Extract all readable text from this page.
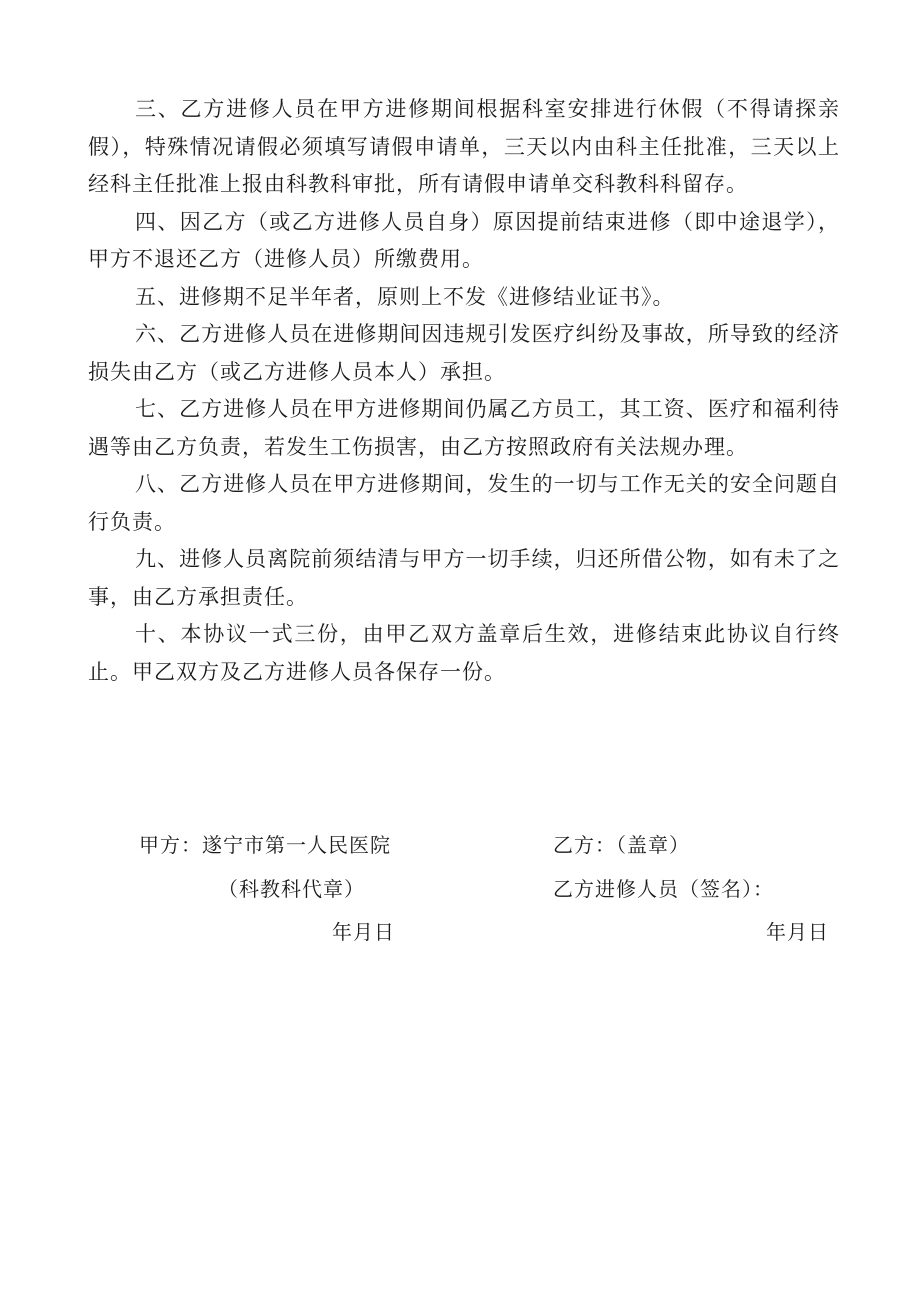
三、乙方进修人员在甲方进修期间根据科室安排进行休假（不得请探亲假），特殊情况请假必须填写请假申请单，三天以内由科主任批准，三天以上经科主任批准上报由科教科审批，所有请假申请单交科教科科留存。

四、因乙方（或乙方进修人员自身）原因提前结束进修（即中途退学），甲方不退还乙方（进修人员）所缴费用。

五、进修期不足半年者，原则上不发《进修结业证书》。

六、乙方进修人员在进修期间因违规引发医疗纠纷及事故，所导致的经济损失由乙方（或乙方进修人员本人）承担。

七、乙方进修人员在甲方进修期间仍属乙方员工，其工资、医疗和福利待遇等由乙方负责，若发生工伤损害，由乙方按照政府有关法规办理。

八、乙方进修人员在甲方进修期间，发生的一切与工作无关的安全问题自行负责。

九、进修人员离院前须结清与甲方一切手续，归还所借公物，如有未了之事，由乙方承担责任。

十、本协议一式三份，由甲乙双方盖章后生效，进修结束此协议自行终止。甲乙双方及乙方进修人员各保存一份。

甲方：遂宁市第一人民医院
（科教科代章）
年月日
乙方：（盖章）
乙方进修人员（签名）：
年月日
